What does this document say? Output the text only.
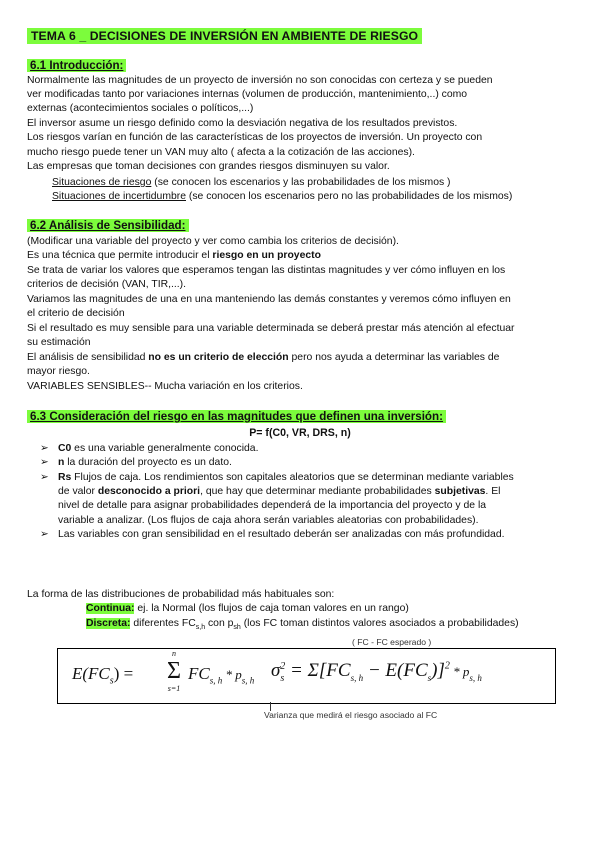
TEMA 6 _ DECISIONES DE INVERSIÓN EN AMBIENTE DE RIESGO
6.1 Introducción:
Normalmente las magnitudes de un proyecto de inversión no son conocidas con certeza y se pueden
ver modificadas tanto por variaciones internas (volumen de producción, mantenimiento,..) como
externas (acontecimientos sociales o políticos,...)
El inversor asume un riesgo definido como la desviación negativa de los resultados previstos.
Los riesgos varían en función de las características de los proyectos de inversión. Un proyecto con
mucho riesgo puede tener un VAN muy alto ( afecta a la cotización de las acciones).
Las empresas que toman decisiones con grandes riesgos disminuyen su valor.
Situaciones de riesgo (se conocen los escenarios y las probabilidades de los mismos )
Situaciones de incertidumbre (se conocen los escenarios pero no las probabilidades de los mismos)
6.2 Análisis de Sensibilidad:
(Modificar una variable del proyecto y ver como cambia los criterios de decisión).
Es una técnica que permite introducir el riesgo en un proyecto
Se trata de variar los valores que esperamos tengan las distintas magnitudes y ver cómo influyen en los
criterios de decisión (VAN, TIR,...).
Variamos las magnitudes de una en una manteniendo las demás constantes y veremos cómo influyen en
el criterio de decisión
Si el resultado es muy sensible para una variable determinada se deberá prestar más atención al efectuar
su estimación
El análisis de sensibilidad no es un criterio de elección pero nos ayuda a determinar las variables de
mayor riesgo.
VARIABLES SENSIBLES-- Mucha variación en los criterios.
6.3 Consideración del riesgo en las magnitudes que definen una inversión:
P= f(C0, VR, DRS, n)
➢ C0 es una variable generalmente conocida.
➢ n la duración del proyecto es un dato.
➢ Rs Flujos de caja. Los rendimientos son capitales aleatorios que se determinan mediante variables
de valor desconocido a priori, que hay que determinar mediante probabilidades subjetivas. El
nivel de detalle para asignar probabilidades dependerá de la importancia del proyecto y de la
variable a analizar. (Los flujos de caja ahora serán variables aleatorias con probabilidades).
➢ Las variables con gran sensibilidad en el resultado deberán ser analizadas con más profundidad.
La forma de las distribuciones de probabilidad más habituales son:
Continua: ej. la Normal (los flujos de caja toman valores en un rango)
Discreta: diferentes $FC_{s,h}$ con $p_{sh}$ (los FC toman distintos valores asociados a probabilidades)
( FC - FC esperado )
$E(FC_s)$ =
n
Σ
s=1
$FC_{s, h} * p_{s, h}$ $\sigma_s^2 = \Sigma[FC_{s, h} - E(FC_s)]^2 * p_{s, h}$
Varianza que medirá el riesgo asociado al FC
